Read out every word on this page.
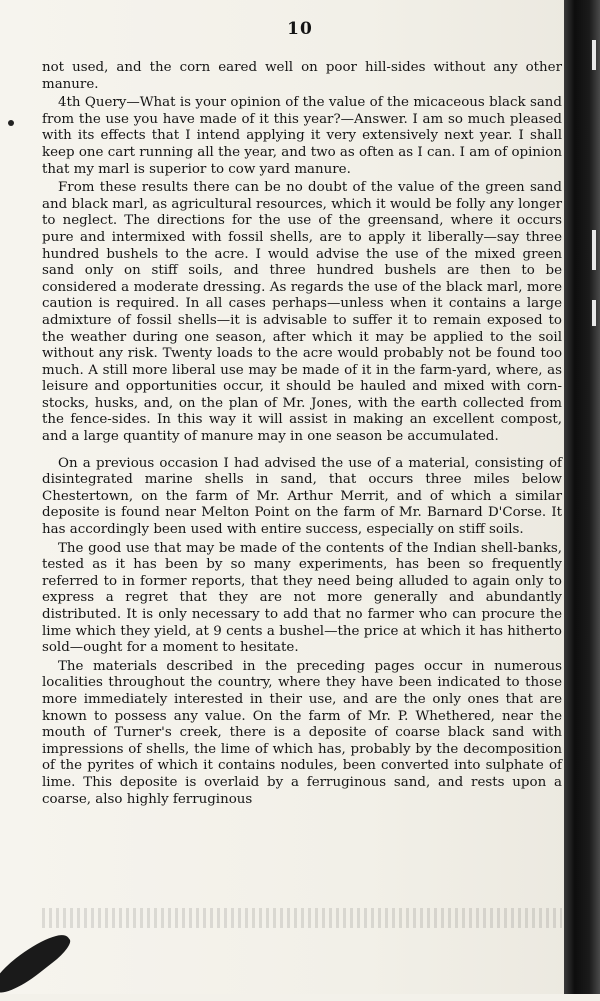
10

not used, and the corn eared well on poor hill-sides without any other manure.

4th Query—What is your opinion of the value of the micaceous black sand from the use you have made of it this year?—Answer. I am so much pleased with its effects that I intend applying it very extensively next year. I shall keep one cart running all the year, and two as often as I can. I am of opinion that my marl is superior to cow yard manure.

From these results there can be no doubt of the value of the green sand and black marl, as agricultural resources, which it would be folly any longer to neglect. The directions for the use of the greensand, where it occurs pure and intermixed with fossil shells, are to apply it liberally—say three hundred bushels to the acre. I would advise the use of the mixed green sand only on stiff soils, and three hundred bushels are then to be considered a moderate dressing. As regards the use of the black marl, more caution is required. In all cases perhaps—unless when it contains a large admixture of fossil shells—it is advisable to suffer it to remain exposed to the weather during one season, after which it may be applied to the soil without any risk. Twenty loads to the acre would probably not be found too much. A still more liberal use may be made of it in the farm-yard, where, as leisure and opportunities occur, it should be hauled and mixed with corn-stocks, husks, and, on the plan of Mr. Jones, with the earth collected from the fence-sides. In this way it will assist in making an excellent compost, and a large quantity of manure may in one season be accumulated.

On a previous occasion I had advised the use of a material, consisting of disintegrated marine shells in sand, that occurs three miles below Chestertown, on the farm of Mr. Arthur Merrit, and of which a similar deposite is found near Melton Point on the farm of Mr. Barnard D'Corse. It has accordingly been used with entire success, especially on stiff soils.

The good use that may be made of the contents of the Indian shell-banks, tested as it has been by so many experiments, has been so frequently referred to in former reports, that they need being alluded to again only to express a regret that they are not more generally and abundantly distributed. It is only necessary to add that no farmer who can procure the lime which they yield, at 9 cents a bushel—the price at which it has hitherto sold—ought for a moment to hesitate.

The materials described in the preceding pages occur in numerous localities throughout the country, where they have been indicated to those more immediately interested in their use, and are the only ones that are known to possess any value. On the farm of Mr. P. Whethered, near the mouth of Turner's creek, there is a deposite of coarse black sand with impressions of shells, the lime of which has, probably by the decomposition of the pyrites of which it contains nodules, been converted into sulphate of lime. This deposite is overlaid by a ferruginous sand, and rests upon a coarse, also highly ferruginous
